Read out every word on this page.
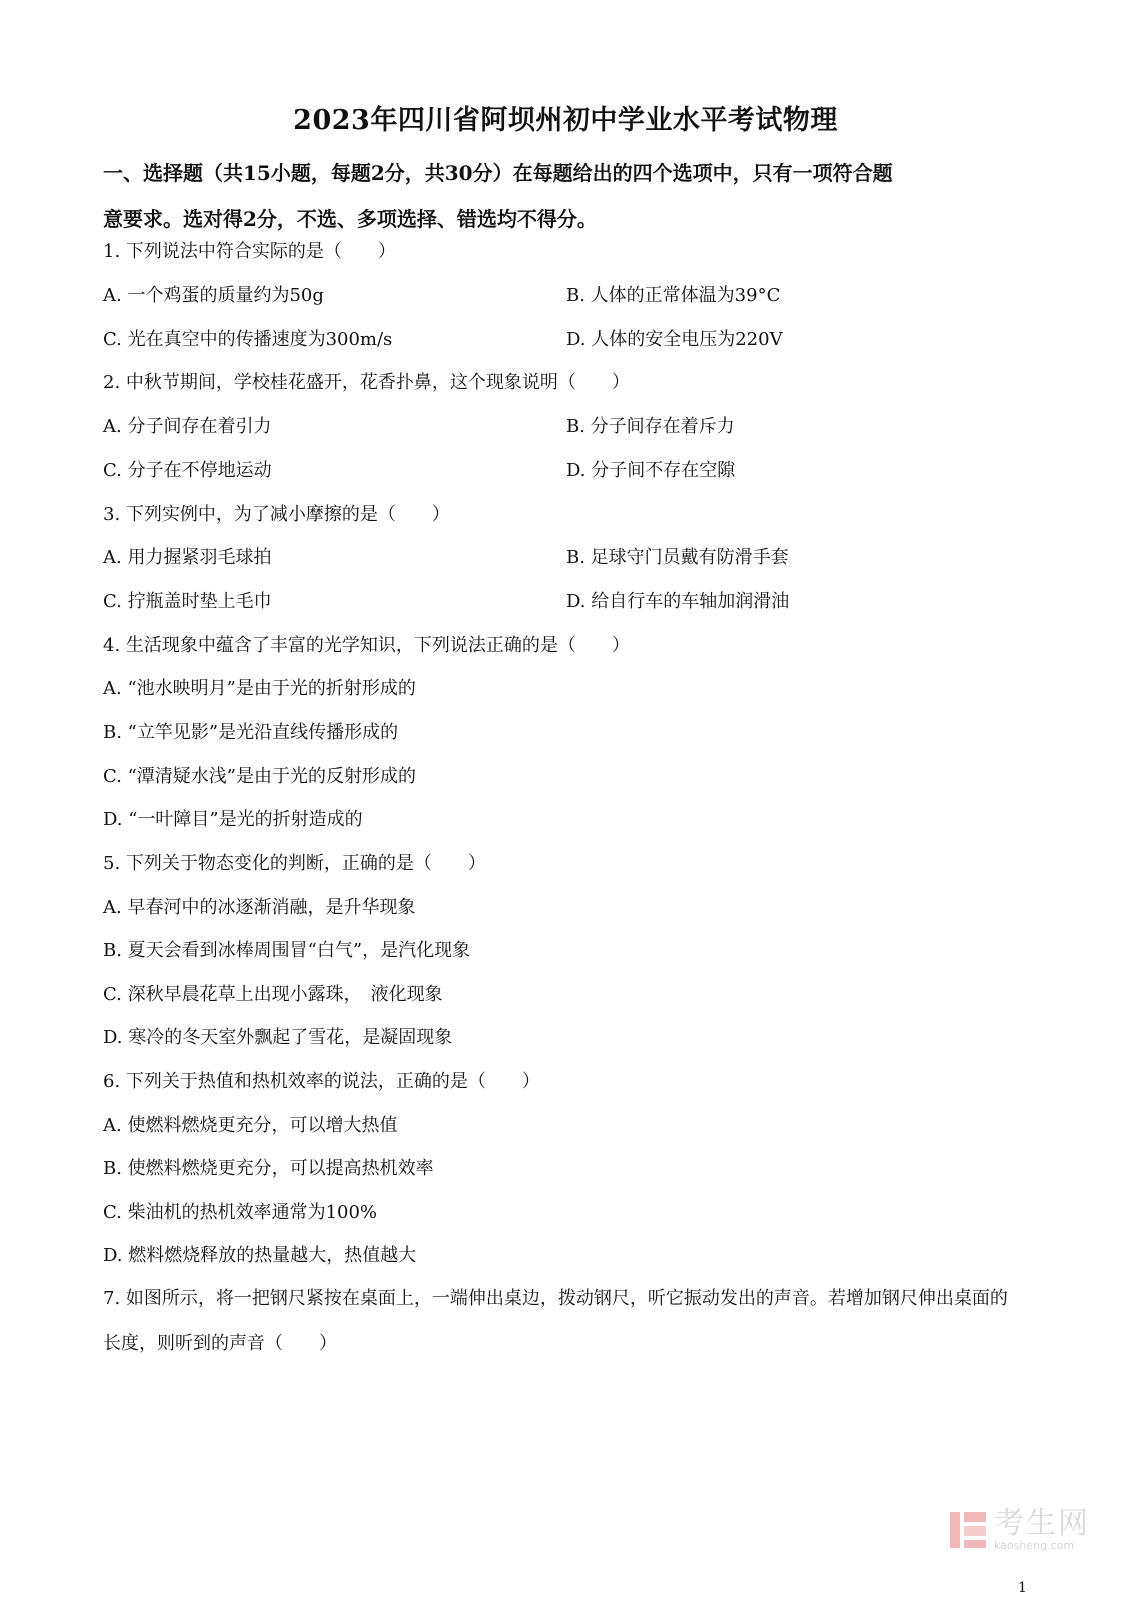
2023年四川省阿坝州初中学业水平考试物理
一、选择题（共15小题，每题2分，共30分）在每题给出的四个选项中，只有一项符合题
意要求。选对得2分，不选、多项选择、错选均不得分。
1. 下列说法中符合实际的是（　　）
A. 一个鸡蛋的质量约为50g	B. 人体的正常体温为39°C
C. 光在真空中的传播速度为300m/s	D. 人体的安全电压为220V
2. 中秋节期间，学校桂花盛开，花香扑鼻，这个现象说明（　　）
A. 分子间存在着引力	B. 分子间存在着斥力
C. 分子在不停地运动	D. 分子间不存在空隙
3. 下列实例中，为了减小摩擦的是（　　）
A. 用力握紧羽毛球拍	B. 足球守门员戴有防滑手套
C. 拧瓶盖时垫上毛巾	D. 给自行车的车轴加润滑油
4. 生活现象中蕴含了丰富的光学知识，下列说法正确的是（　　）
A. “池水映明月”是由于光的折射形成的
B. “立竿见影”是光沿直线传播形成的
C. “潭清疑水浅”是由于光的反射形成的
D. “一叶障目”是光的折射造成的
5. 下列关于物态变化的判断，正确的是（　　）
A. 早春河中的冰逐渐消融，是升华现象
B. 夏天会看到冰棒周围冒“白气”，是汽化现象
C. 深秋早晨花草上出现小露珠，　液化现象
D. 寒冷的冬天室外飘起了雪花，是凝固现象
6. 下列关于热值和热机效率的说法，正确的是（　　）
A. 使燃料燃烧更充分，可以增大热值
B. 使燃料燃烧更充分，可以提高热机效率
C. 柴油机的热机效率通常为100%
D. 燃料燃烧释放的热量越大，热值越大
7. 如图所示，将一把钢尺紧按在桌面上，一端伸出桌边，拨动钢尺，听它振动发出的声音。若增加钢尺伸出桌面的长度，则听到的声音（　　）
考生网
kaosheng.com
1
